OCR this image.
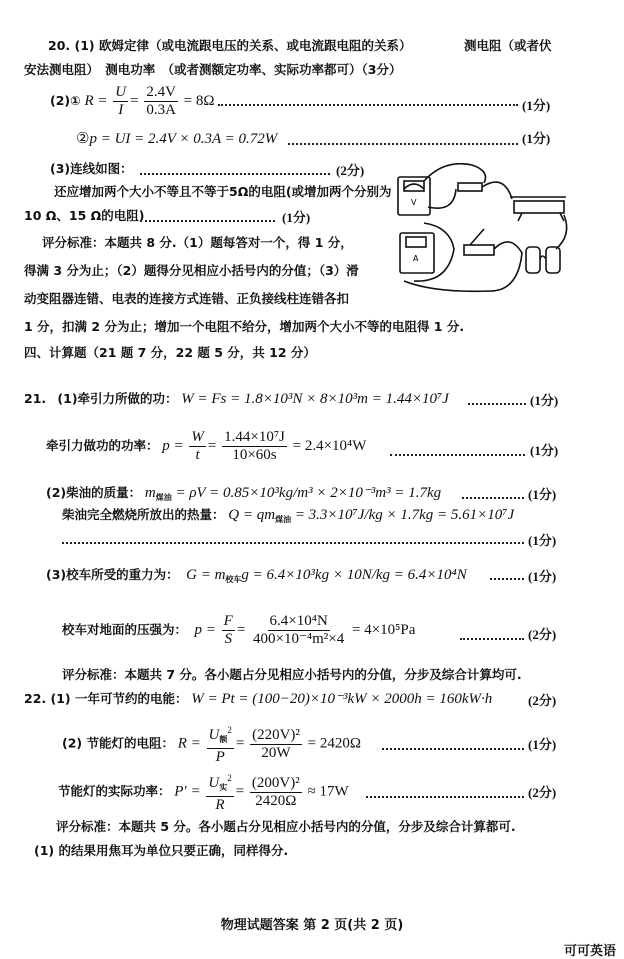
20. (1) 欧姆定律（或电流跟电压的关系、或电流跟电阻的关系）	测电阻（或者伏
安法测电阻）　测电功率　（或者测额定功率、实际功率都可）（3分）
(2)① $R = \frac{U}{I} = \frac{2.4V}{0.3A} = 8\Omega$	(1分)
②p = UI = 2.4V × 0.3A = 0.72W	(1分)
(3)连线如图：	(2分)
还应增加两个大小不等且不等于5Ω的电阻(或增加两个分别为
10 Ω、15 Ω的电阻)	(1分)
评分标准：本题共 8 分.（1）题每答对一个，得 1 分，
得满 3 分为止；（2）题得分见相应小括号内的分值；（3）滑
动变阻器连错、电表的连接方式连错、正负接线柱连错各扣
1 分，扣满 2 分为止；增加一个电阻不给分，增加两个大小不等的电阻得 1 分.
V
A
四、计算题（21 题 7 分，22 题 5 分，共 12 分）
21. (1)牵引力所做的功： W = Fs = 1.8×10³N × 8×10³m = 1.44×10⁷J	(1分)
牵引力做功的功率： $p = \frac{W}{t} = \frac{\text{1.44×10⁷J}}{10\times 60s} = 2.4\times 10^4W$	(1分)
(2)柴油的质量： $m_{煤油} = \rho V = 0.85\times 10^3kg/m^3 \times 2\times 10^{-3}m^3 = 1.7kg$	(1分)
柴油完全燃烧所放出的热量： $Q = qm_{煤油} = 3.3\times 10^7J/kg \times 1.7kg = 5.61\times 10^7J$
(1分)
(3)校车所受的重力为： $G = m_{校车}g = 6.4\times 10^3kg \times 10N/kg = 6.4\times 10^4N$	(1分)
校车对地面的压强为： $p = \frac{F}{S} = \frac{\text{6.4×10⁴N}}{\text{400×10⁻⁴m²×4}} = 4\times 10^5Pa$	(2分)
评分标准：本题共 7 分。各小题占分见相应小括号内的分值，分步及综合计算均可.
22. (1) 一年可节约的电能： W = Pt = (100−20)×10⁻³kW × 2000h = 160kW·h	(2分)
(2) 节能灯的电阻： $R = \frac{U_额^2}{P} = \frac{\text{(220V)²}}{20W} = 2420\Omega$	(1分)
节能灯的实际功率： $P' = \frac{U_实^2}{R} = \frac{\text{(200V)²}}{2420\Omega} \approx 17W$	(2分)
评分标准：本题共 5 分。各小题占分见相应小括号内的分值，分步及综合计算都可.
(1) 的结果用焦耳为单位只要正确，同样得分.
物理试题答案 第 2 页(共 2 页)
可可英语
